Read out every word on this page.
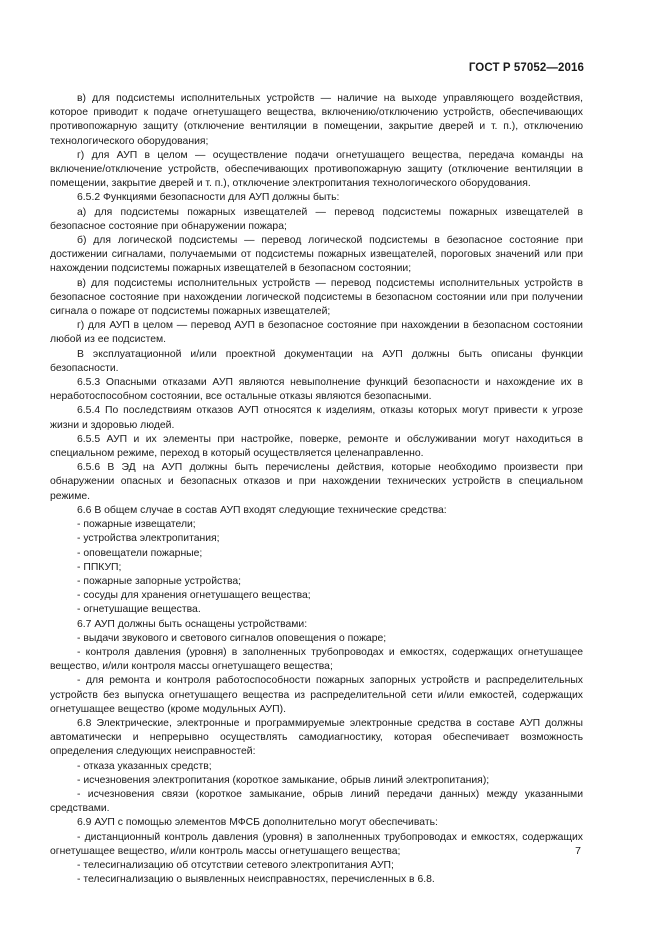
ГОСТ Р 57052—2016

в) для подсистемы исполнительных устройств — наличие на выходе управляющего воздействия, которое приводит к подаче огнетушащего вещества, включению/отключению устройств, обеспечивающих противопожарную защиту (отключение вентиляции в помещении, закрытие дверей и т. п.), отключению технологического оборудования;

г) для АУП в целом — осуществление подачи огнетушащего вещества, передача команды на включение/отключение устройств, обеспечивающих противопожарную защиту (отключение вентиляции в помещении, закрытие дверей и т. п.), отключение электропитания технологического оборудования.

6.5.2 Функциями безопасности для АУП должны быть:

а) для подсистемы пожарных извещателей — перевод подсистемы пожарных извещателей в безопасное состояние при обнаружении пожара;

б) для логической подсистемы — перевод логической подсистемы в безопасное состояние при достижении сигналами, получаемыми от подсистемы пожарных извещателей, пороговых значений или при нахождении подсистемы пожарных извещателей в безопасном состоянии;

в) для подсистемы исполнительных устройств — перевод подсистемы исполнительных устройств в безопасное состояние при нахождении логической подсистемы в безопасном состоянии или при получении сигнала о пожаре от подсистемы пожарных извещателей;

г) для АУП в целом — перевод АУП в безопасное состояние при нахождении в безопасном состоянии любой из ее подсистем.

В эксплуатационной и/или проектной документации на АУП должны быть описаны функции безопасности.

6.5.3 Опасными отказами АУП являются невыполнение функций безопасности и нахождение их в неработоспособном состоянии, все остальные отказы являются безопасными.

6.5.4 По последствиям отказов АУП относятся к изделиям, отказы которых могут привести к угрозе жизни и здоровью людей.

6.5.5 АУП и их элементы при настройке, поверке, ремонте и обслуживании могут находиться в специальном режиме, переход в который осуществляется целенаправленно.

6.5.6 В ЭД на АУП должны быть перечислены действия, которые необходимо произвести при обнаружении опасных и безопасных отказов и при нахождении технических устройств в специальном режиме.

6.6 В общем случае в состав АУП входят следующие технические средства:

- пожарные извещатели;

- устройства электропитания;

- оповещатели пожарные;

- ППКУП;

- пожарные запорные устройства;

- сосуды для хранения огнетушащего вещества;

- огнетушащие вещества.

6.7 АУП должны быть оснащены устройствами:

- выдачи звукового и светового сигналов оповещения о пожаре;

- контроля давления (уровня) в заполненных трубопроводах и емкостях, содержащих огнетушащее вещество, и/или контроля массы огнетушащего вещества;

- для ремонта и контроля работоспособности пожарных запорных устройств и распределительных устройств без выпуска огнетушащего вещества из распределительной сети и/или емкостей, содержащих огнетушащее вещество (кроме модульных АУП).

6.8 Электрические, электронные и программируемые электронные средства в составе АУП должны автоматически и непрерывно осуществлять самодиагностику, которая обеспечивает возможность определения следующих неисправностей:

- отказа указанных средств;

- исчезновения электропитания (короткое замыкание, обрыв линий электропитания);

- исчезновения связи (короткое замыкание, обрыв линий передачи данных) между указанными средствами.

6.9 АУП с помощью элементов МФСБ дополнительно могут обеспечивать:

- дистанционный контроль давления (уровня) в заполненных трубопроводах и емкостях, содержащих огнетушащее вещество, и/или контроль массы огнетушащего вещества;

- телесигнализацию об отсутствии сетевого электропитания АУП;

- телесигнализацию о выявленных неисправностях, перечисленных в 6.8.

7
